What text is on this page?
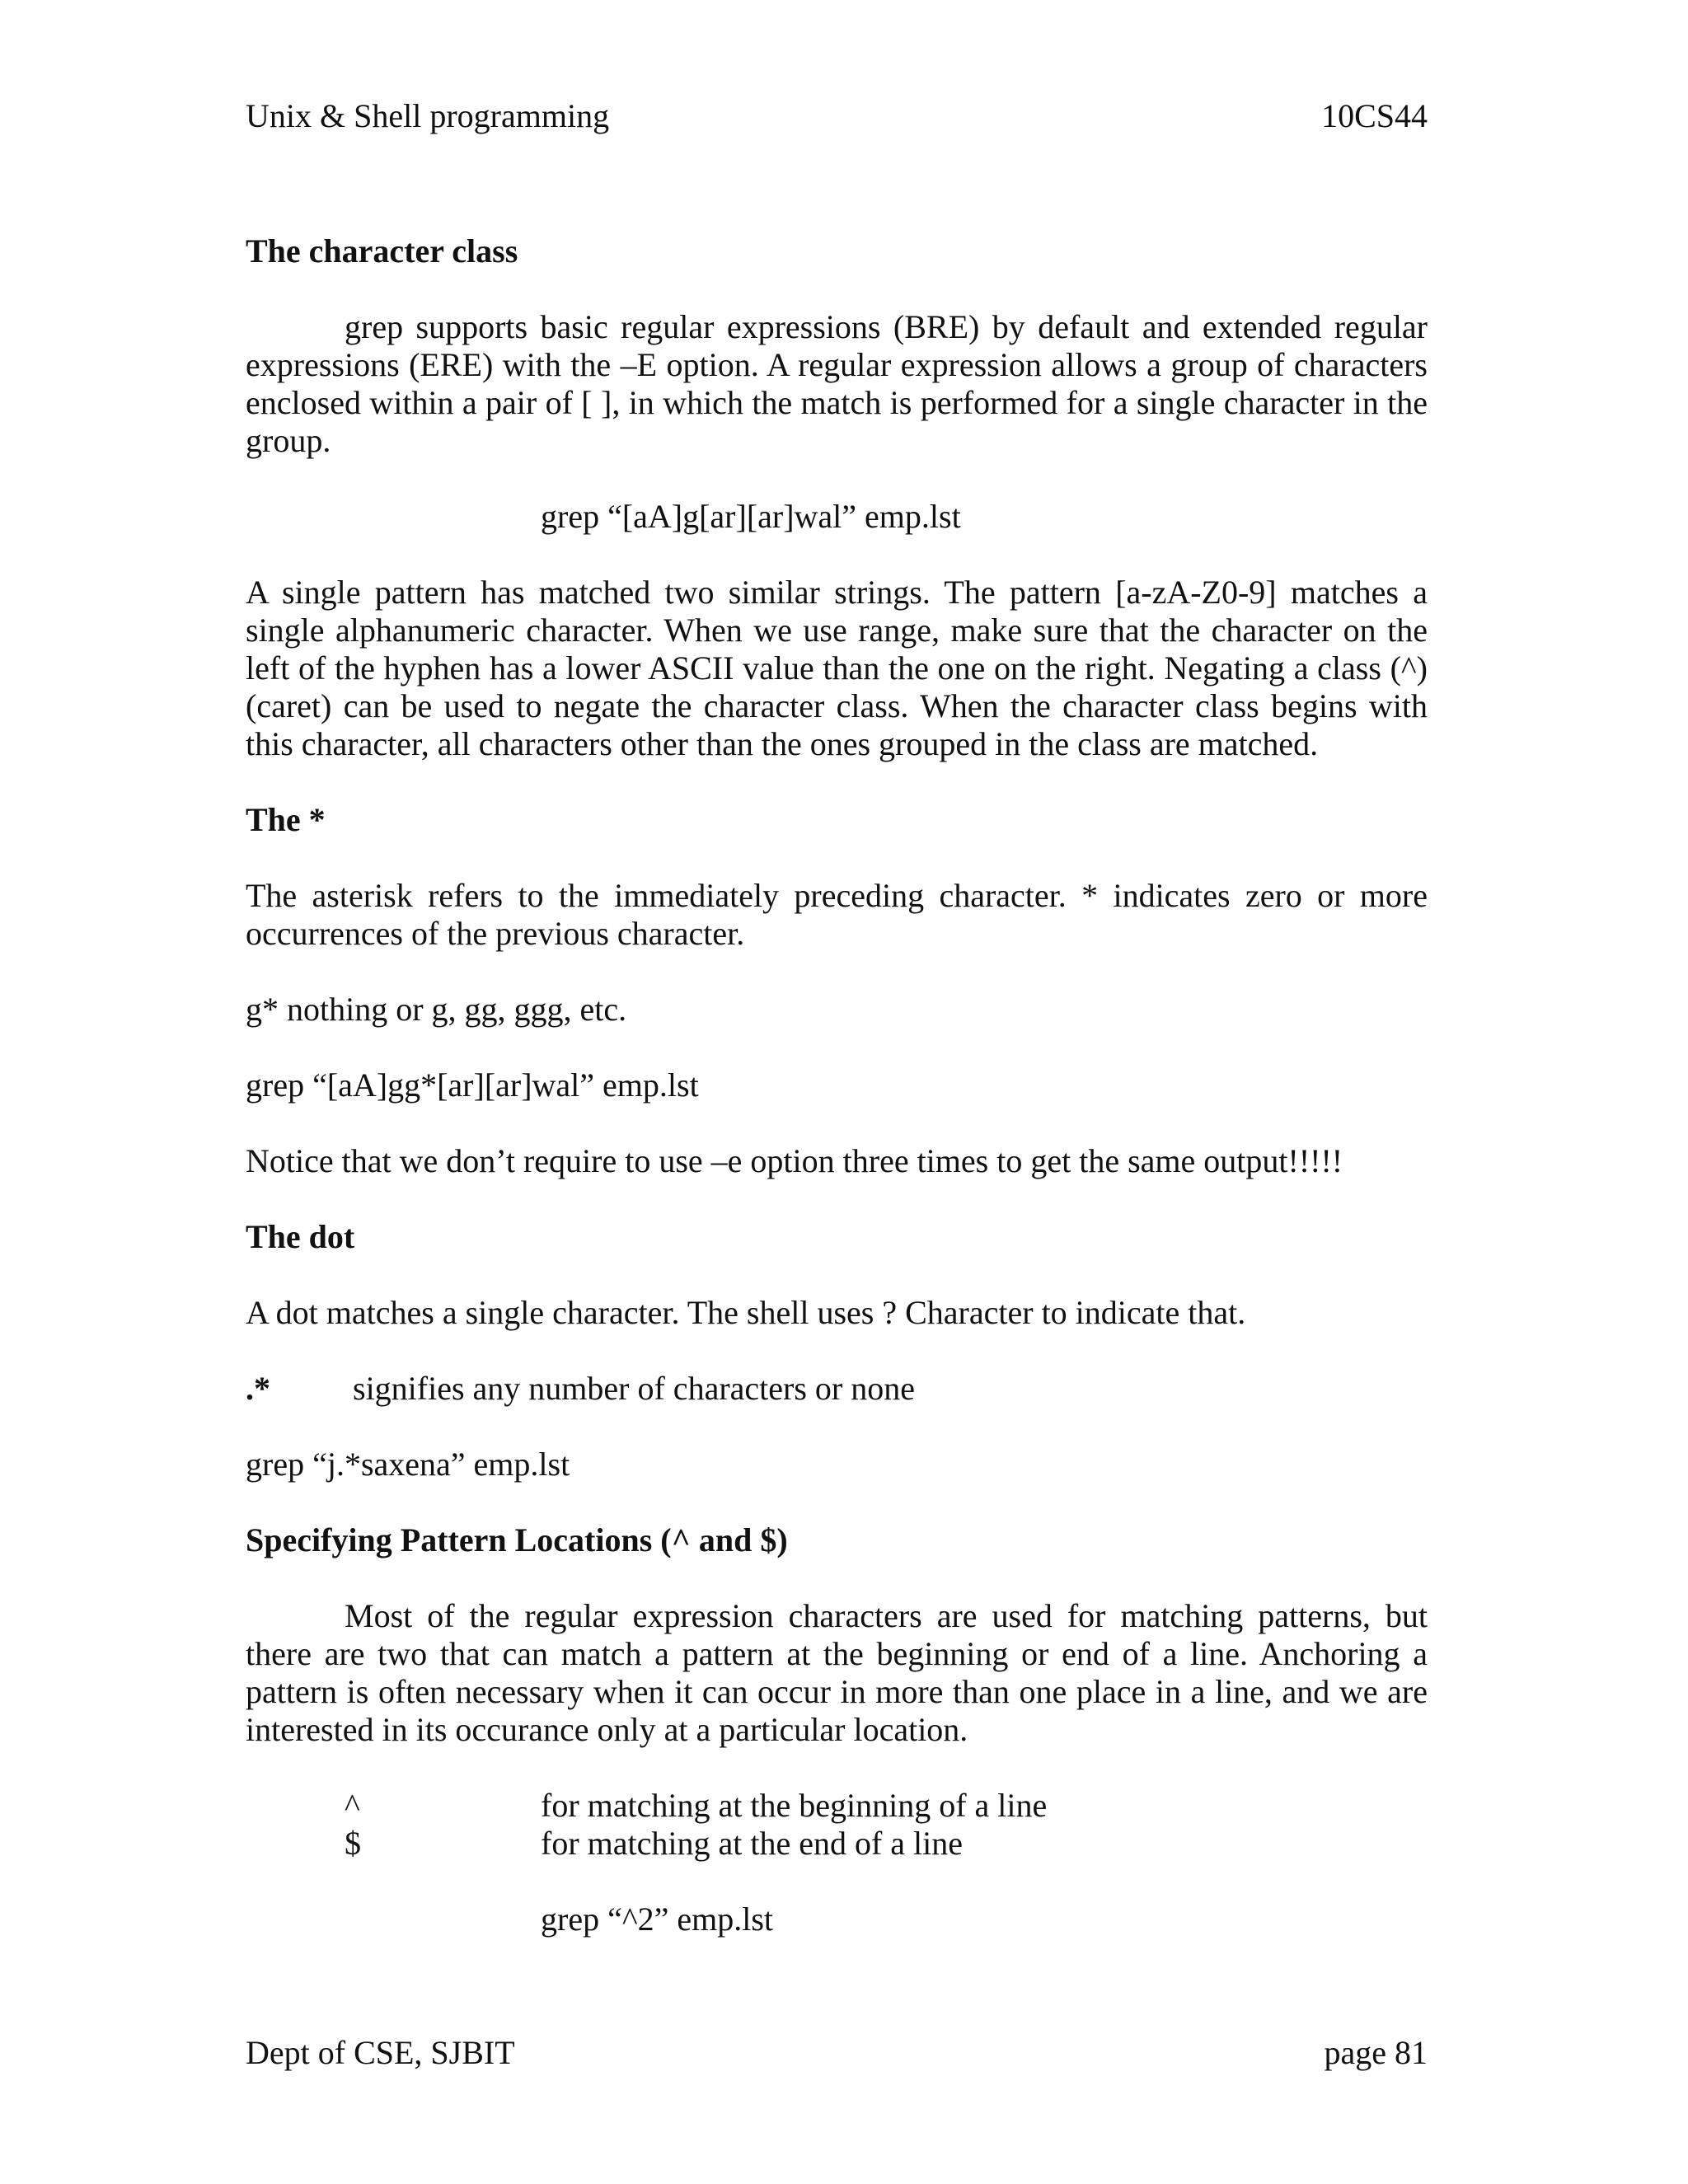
Unix & Shell programming	10CS44
The character class

grep supports basic regular expressions (BRE) by default and extended regular expressions (ERE) with the –E option. A regular expression allows a group of characters enclosed within a pair of [ ], in which the match is performed for a single character in the group.

grep “[aA]g[ar][ar]wal” emp.lst

A single pattern has matched two similar strings. The pattern [a-zA-Z0-9] matches a single alphanumeric character. When we use range, make sure that the character on the left of the hyphen has a lower ASCII value than the one on the right. Negating a class (^) (caret) can be used to negate the character class. When the character class begins with this character, all characters other than the ones grouped in the class are matched.

The *

The asterisk refers to the immediately preceding character. * indicates zero or more occurrences of the previous character.

g* nothing or g, gg, ggg, etc.

grep “[aA]gg*[ar][ar]wal” emp.lst

Notice that we don’t require to use –e option three times to get the same output!!!!!

The dot

A dot matches a single character. The shell uses ? Character to indicate that.

.*	signifies any number of characters or none

grep “j.*saxena” emp.lst

Specifying Pattern Locations (^ and $)

Most of the regular expression characters are used for matching patterns, but there are two that can match a pattern at the beginning or end of a line. Anchoring a pattern is often necessary when it can occur in more than one place in a line, and we are interested in its occurance only at a particular location.

^	for matching at the beginning of a line
$	for matching at the end of a line

grep “^2” emp.lst

Dept of CSE, SJBIT	page 81
